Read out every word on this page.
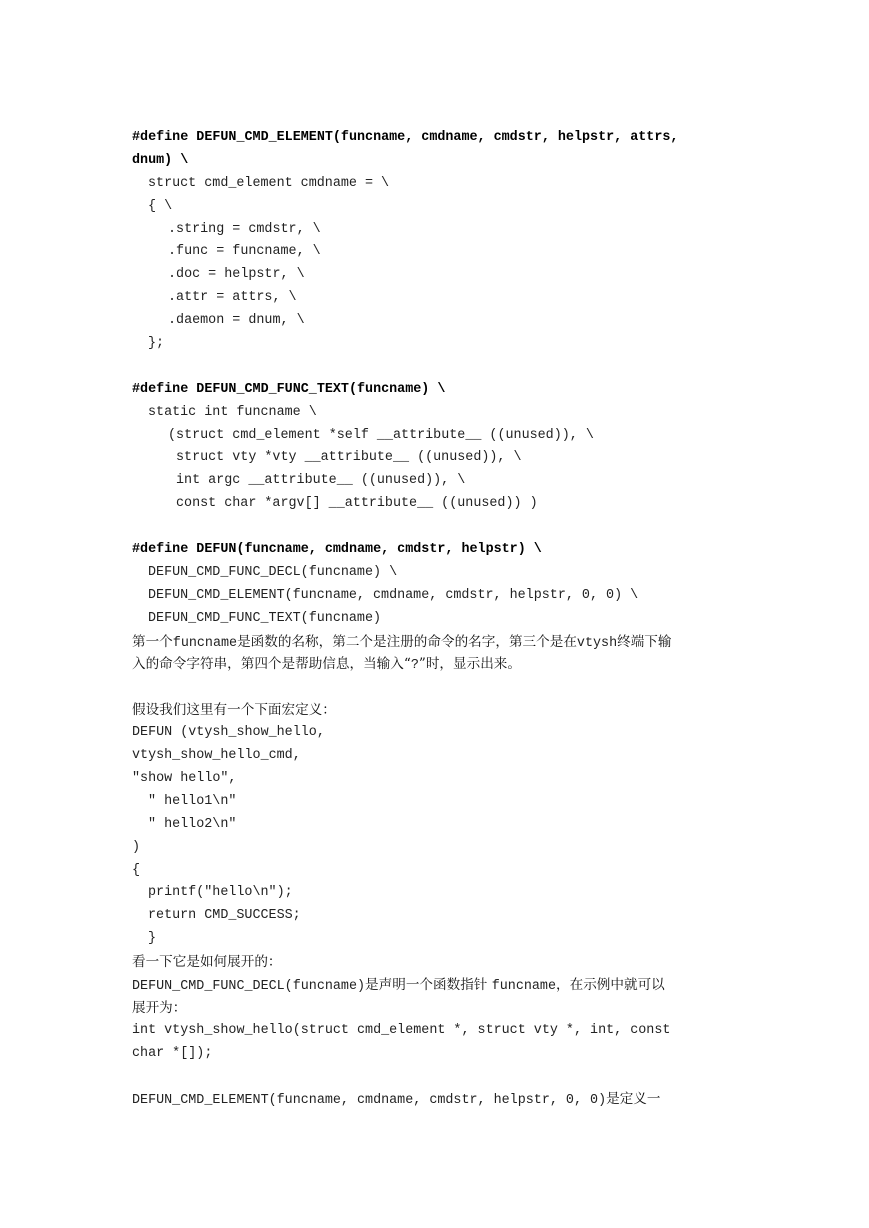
#define DEFUN_CMD_ELEMENT(funcname, cmdname, cmdstr, helpstr, attrs,
dnum) \
struct cmd_element cmdname = \
{ \
.string = cmdstr, \
.func = funcname, \
.doc = helpstr, \
.attr = attrs, \
.daemon = dnum, \
};
#define DEFUN_CMD_FUNC_TEXT(funcname) \
static int funcname \
(struct cmd_element *self __attribute__ ((unused)), \
struct vty *vty __attribute__ ((unused)), \
int argc __attribute__ ((unused)), \
const char *argv[] __attribute__ ((unused)) )
#define DEFUN(funcname, cmdname, cmdstr, helpstr) \
DEFUN_CMD_FUNC_DECL(funcname) \
DEFUN_CMD_ELEMENT(funcname, cmdname, cmdstr, helpstr, 0, 0) \
DEFUN_CMD_FUNC_TEXT(funcname)
第一个funcname是函数的名称，第二个是注册的命令的名字，第三个是在vtysh终端下输
入的命令字符串，第四个是帮助信息，当输入“?”时，显示出来。
假设我们这里有一个下面宏定义：
DEFUN (vtysh_show_hello,
vtysh_show_hello_cmd,
"show hello",
" hello1\n"
" hello2\n"
)
{
printf("hello\n");
return CMD_SUCCESS;
}
看一下它是如何展开的：
DEFUN_CMD_FUNC_DECL(funcname)是声明一个函数指针 funcname，在示例中就可以
展开为：
int vtysh_show_hello(struct cmd_element *, struct vty *, int, const
char *[]);
DEFUN_CMD_ELEMENT(funcname, cmdname, cmdstr, helpstr, 0, 0)是定义一
